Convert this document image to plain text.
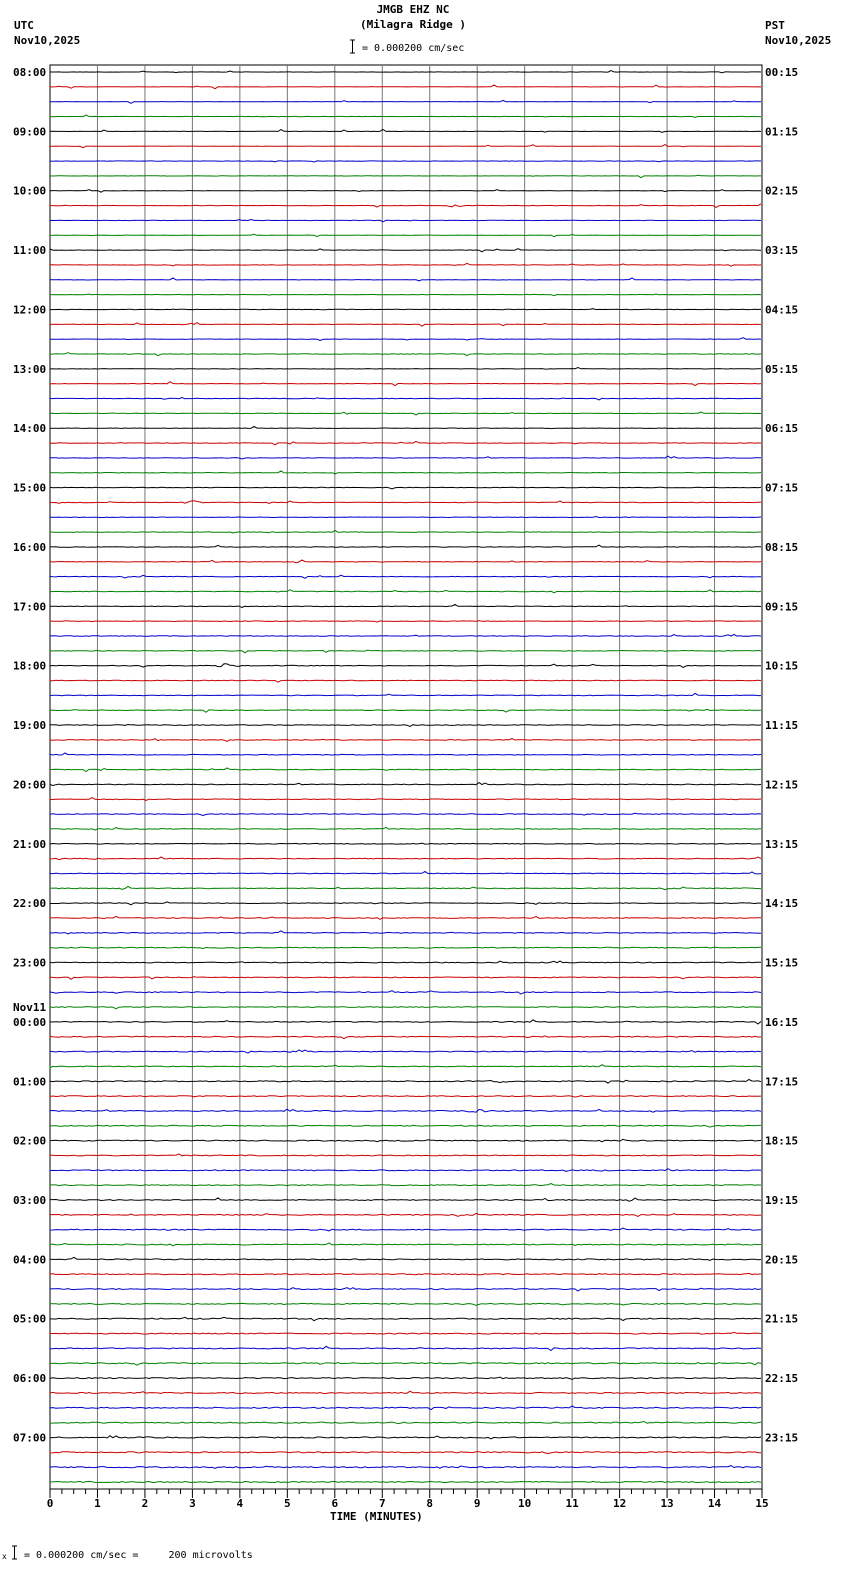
JMGB EHZ NC
(Milagra Ridge )
= 0.000200 cm/sec
UTC
Nov10,2025
PST
Nov10,2025
08:00
09:00
10:00
11:00
12:00
13:00
14:00
15:00
16:00
17:00
18:00
19:00
20:00
21:00
22:00
23:00
00:00
Nov11
01:00
02:00
03:00
04:00
05:00
06:00
07:00
00:15
01:15
02:15
03:15
04:15
05:15
06:15
07:15
08:15
09:15
10:15
11:15
12:15
13:15
14:15
15:15
16:15
17:15
18:15
19:15
20:15
21:15
22:15
23:15
0	1	2	3	4	5	6	7	8	9	10	11	12	13	14	15
TIME (MINUTES)
x = 0.000200 cm/sec =     200 microvolts
